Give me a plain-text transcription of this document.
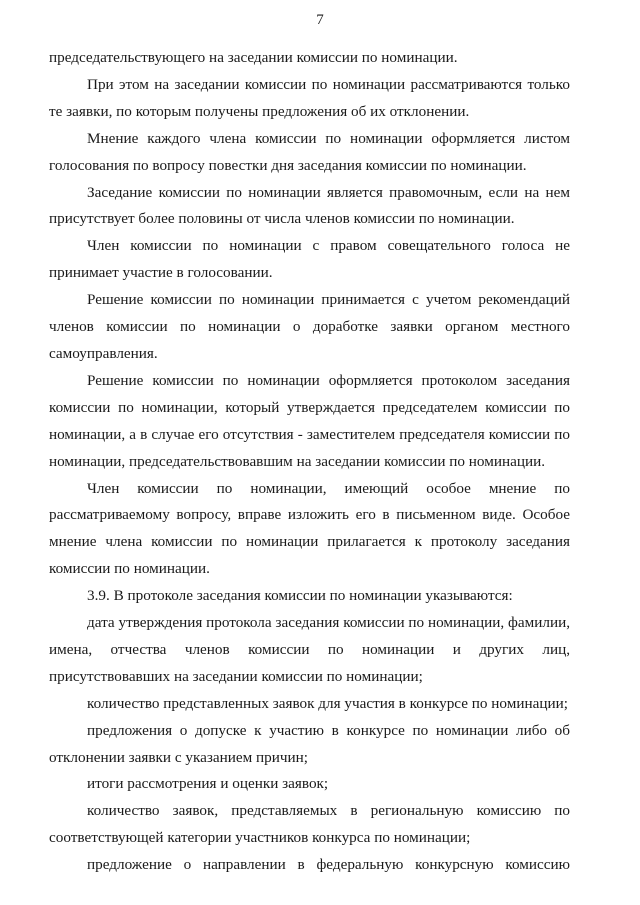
7

председательствующего на заседании комиссии по номинации.

При этом на заседании комиссии по номинации рассматриваются только те заявки, по которым получены предложения об их отклонении.

Мнение каждого члена комиссии по номинации оформляется листом голосования по вопросу повестки дня заседания комиссии по номинации.

Заседание комиссии по номинации является правомочным, если на нем присутствует более половины от числа членов комиссии по номинации.

Член комиссии по номинации с правом совещательного голоса не принимает участие в голосовании.

Решение комиссии по номинации принимается с учетом рекомендаций членов комиссии по номинации о доработке заявки органом местного самоуправления.

Решение комиссии по номинации оформляется протоколом заседания комиссии по номинации, который утверждается председателем комиссии по номинации, а в случае его отсутствия - заместителем председателя комиссии по номинации, председательствовавшим на заседании комиссии по номинации.

Член комиссии по номинации, имеющий особое мнение по рассматриваемому вопросу, вправе изложить его в письменном виде. Особое мнение члена комиссии по номинации прилагается к протоколу заседания комиссии по номинации.

3.9. В протоколе заседания комиссии по номинации указываются:

дата утверждения протокола заседания комиссии по номинации, фамилии, имена, отчества членов комиссии по номинации и других лиц, присутствовавших на заседании комиссии по номинации;

количество представленных заявок для участия в конкурсе по номинации;

предложения о допуске к участию в конкурсе по номинации либо об отклонении заявки с указанием причин;

итоги рассмотрения и оценки заявок;

количество заявок, представляемых в региональную комиссию по соответствующей категории участников конкурса по номинации;

предложение о направлении в федеральную конкурсную комиссию
